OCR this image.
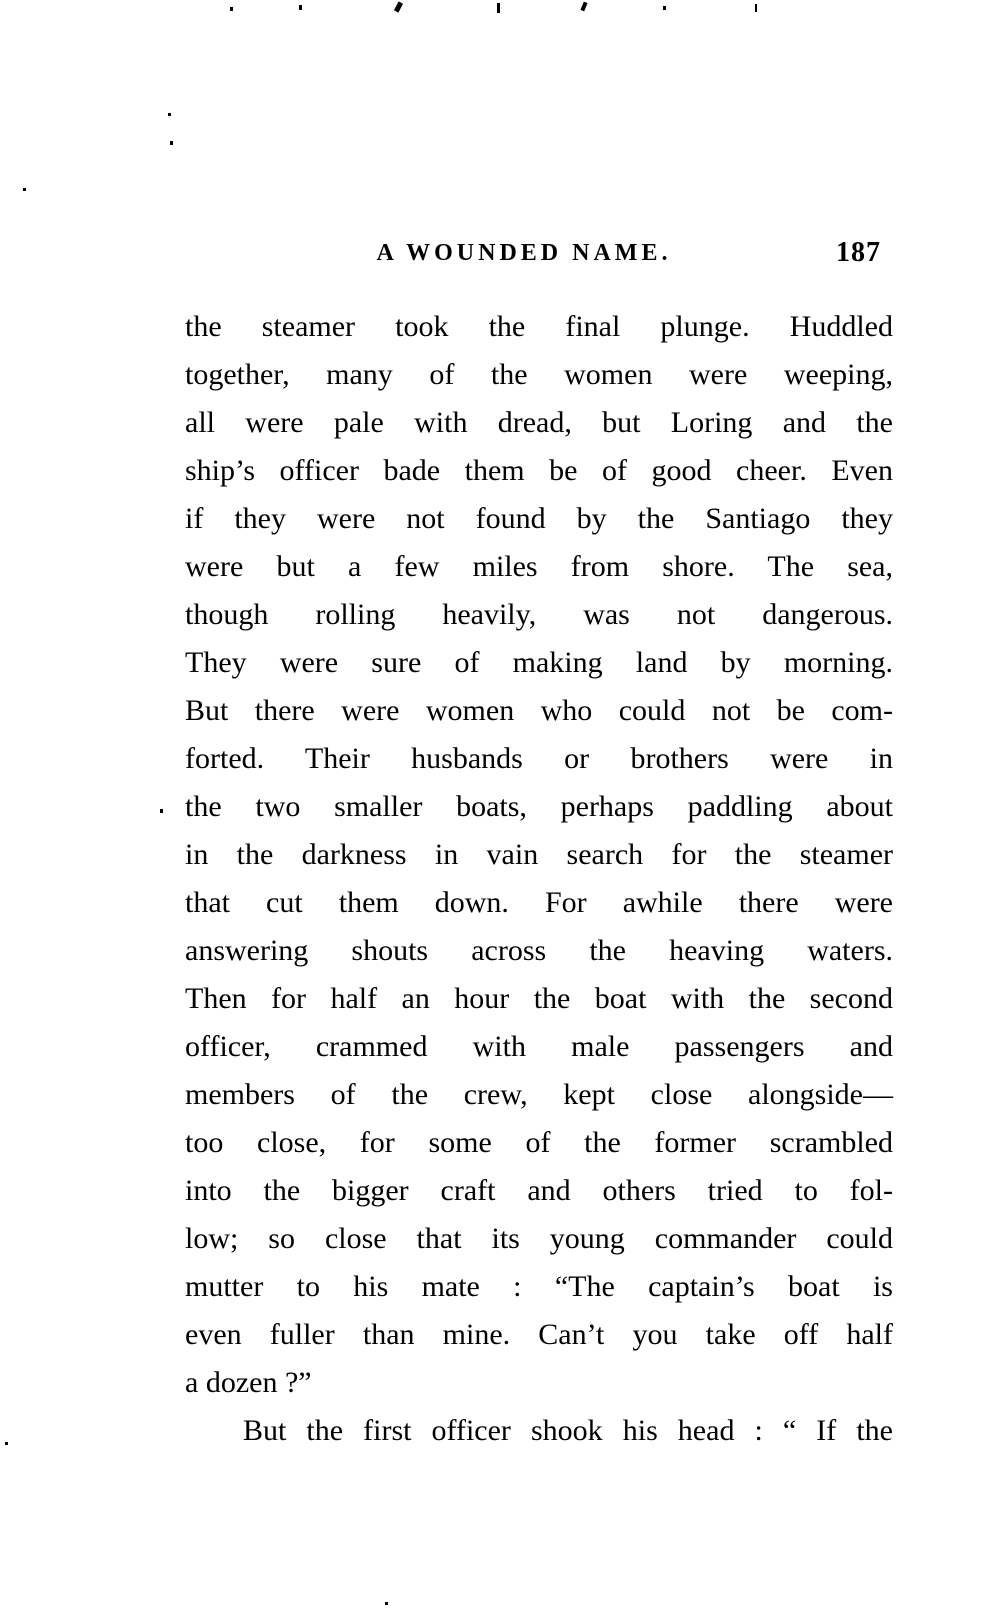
A WOUNDED NAME.	187
the steamer took the final plunge. Huddled
together, many of the women were weeping,
all were pale with dread, but Loring and the
ship’s officer bade them be of good cheer. Even
if they were not found by the Santiago they
were but a few miles from shore. The sea,
though rolling heavily, was not dangerous.
They were sure of making land by morning.
But there were women who could not be com-
forted. Their husbands or brothers were in
the two smaller boats, perhaps paddling about
in the darkness in vain search for the steamer
that cut them down. For awhile there were
answering shouts across the heaving waters.
Then for half an hour the boat with the second
officer, crammed with male passengers and
members of the crew, kept close alongside—
too close, for some of the former scrambled
into the bigger craft and others tried to fol-
low; so close that its young commander could
mutter to his mate : “The captain’s boat is
even fuller than mine. Can’t you take off half
a dozen ?”
But the first officer shook his head : “ If the
